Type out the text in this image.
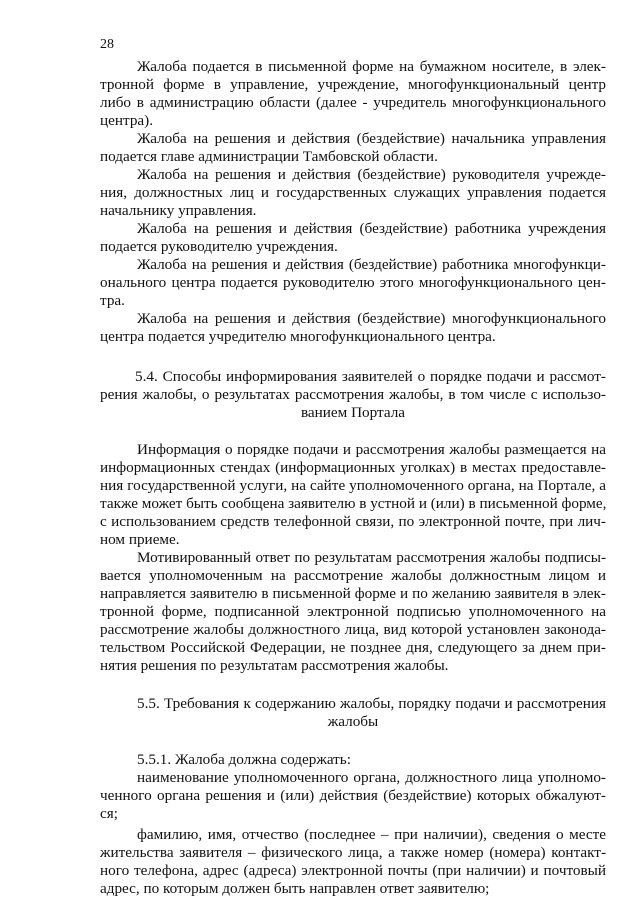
28
Жалоба подается в письменной форме на бумажном носителе, в элек-
тронной форме в управление, учреждение, многофункциональный центр
либо в администрацию области (далее - учредитель многофункционального
центра).
Жалоба на решения и действия (бездействие) начальника управления
подается главе администрации Тамбовской области.
Жалоба на решения и действия (бездействие) руководителя учрежде-
ния, должностных лиц и государственных служащих управления подается
начальнику управления.
Жалоба на решения и действия (бездействие) работника учреждения
подается руководителю учреждения.
Жалоба на решения и действия (бездействие) работника многофункци-
онального центра подается руководителю этого многофункционального цен-
тра.
Жалоба на решения и действия (бездействие) многофункционального
центра подается учредителю многофункционального центра.
5.4. Способы информирования заявителей о порядке подачи и рассмот-
рения жалобы, о результатах рассмотрения жалобы, в том числе с использо-
ванием Портала
Информация о порядке подачи и рассмотрения жалобы размещается на
информационных стендах (информационных уголках) в местах предоставле-
ния государственной услуги, на сайте уполномоченного органа, на Портале, а
также может быть сообщена заявителю в устной и (или) в письменной форме,
с использованием средств телефонной связи, по электронной почте, при лич-
ном приеме.
Мотивированный ответ по результатам рассмотрения жалобы подписы-
вается уполномоченным на рассмотрение жалобы должностным лицом и
направляется заявителю в письменной форме и по желанию заявителя в элек-
тронной форме, подписанной электронной подписью уполномоченного на
рассмотрение жалобы должностного лица, вид которой установлен законода-
тельством Российской Федерации, не позднее дня, следующего за днем при-
нятия решения по результатам рассмотрения жалобы.
5.5. Требования к содержанию жалобы, порядку подачи и рассмотрения
жалобы
5.5.1. Жалоба должна содержать:
наименование уполномоченного органа, должностного лица уполномо-
ченного органа решения и (или) действия (бездействие) которых обжалуют-
ся;
фамилию, имя, отчество (последнее – при наличии), сведения о месте
жительства заявителя – физического лица, а также номер (номера) контакт-
ного телефона, адрес (адреса) электронной почты (при наличии) и почтовый
адрес, по которым должен быть направлен ответ заявителю;
